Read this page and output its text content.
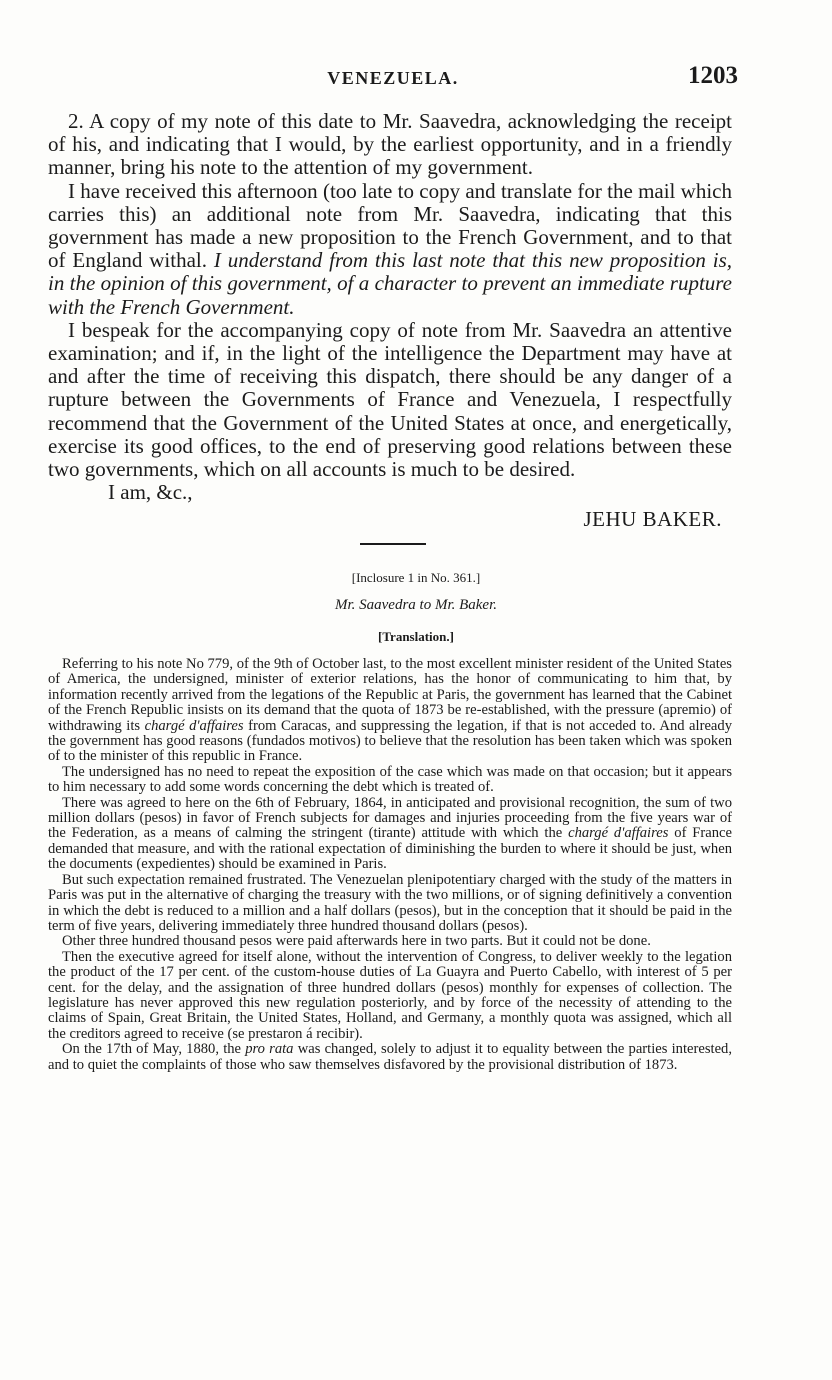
VENEZUELA.	1203

2. A copy of my note of this date to Mr. Saavedra, acknowledging the receipt of his, and indicating that I would, by the earliest opportunity, and in a friendly manner, bring his note to the attention of my government.

I have received this afternoon (too late to copy and translate for the mail which carries this) an additional note from Mr. Saavedra, indicating that this government has made a new proposition to the French Government, and to that of England withal. I understand from this last note that this new proposition is, in the opinion of this government, of a character to prevent an immediate rupture with the French Government.

I bespeak for the accompanying copy of note from Mr. Saavedra an attentive examination; and if, in the light of the intelligence the Department may have at and after the time of receiving this dispatch, there should be any danger of a rupture between the Governments of France and Venezuela, I respectfully recommend that the Government of the United States at once, and energetically, exercise its good offices, to the end of preserving good relations between these two governments, which on all accounts is much to be desired.

I am, &c.,

JEHU BAKER.

[Inclosure 1 in No. 361.]
Mr. Saavedra to Mr. Baker.
[Translation.]

Referring to his note No 779, of the 9th of October last, to the most excellent minister resident of the United States of America, the undersigned, minister of exterior relations, has the honor of communicating to him that, by information recently arrived from the legations of the Republic at Paris, the government has learned that the Cabinet of the French Republic insists on its demand that the quota of 1873 be re-established, with the pressure (apremio) of withdrawing its chargé d'affaires from Caracas, and suppressing the legation, if that is not acceded to. And already the government has good reasons (fundados motivos) to believe that the resolution has been taken which was spoken of to the minister of this republic in France.

The undersigned has no need to repeat the exposition of the case which was made on that occasion; but it appears to him necessary to add some words concerning the debt which is treated of.

There was agreed to here on the 6th of February, 1864, in anticipated and provisional recognition, the sum of two million dollars (pesos) in favor of French subjects for damages and injuries proceeding from the five years war of the Federation, as a means of calming the stringent (tirante) attitude with which the chargé d'affaires of France demanded that measure, and with the rational expectation of diminishing the burden to where it should be just, when the documents (expedientes) should be examined in Paris.

But such expectation remained frustrated. The Venezuelan plenipotentiary charged with the study of the matters in Paris was put in the alternative of charging the treasury with the two millions, or of signing definitively a convention in which the debt is reduced to a million and a half dollars (pesos), but in the conception that it should be paid in the term of five years, delivering immediately three hundred thousand dollars (pesos).

Other three hundred thousand pesos were paid afterwards here in two parts. But it could not be done.

Then the executive agreed for itself alone, without the intervention of Congress, to deliver weekly to the legation the product of the 17 per cent. of the custom-house duties of La Guayra and Puerto Cabello, with interest of 5 per cent. for the delay, and the assignation of three hundred dollars (pesos) monthly for expenses of collection. The legislature has never approved this new regulation posteriorly, and by force of the necessity of attending to the claims of Spain, Great Britain, the United States, Holland, and Germany, a monthly quota was assigned, which all the creditors agreed to receive (se prestaron á recibir).

On the 17th of May, 1880, the pro rata was changed, solely to adjust it to equality between the parties interested, and to quiet the complaints of those who saw themselves disfavored by the provisional distribution of 1873.
